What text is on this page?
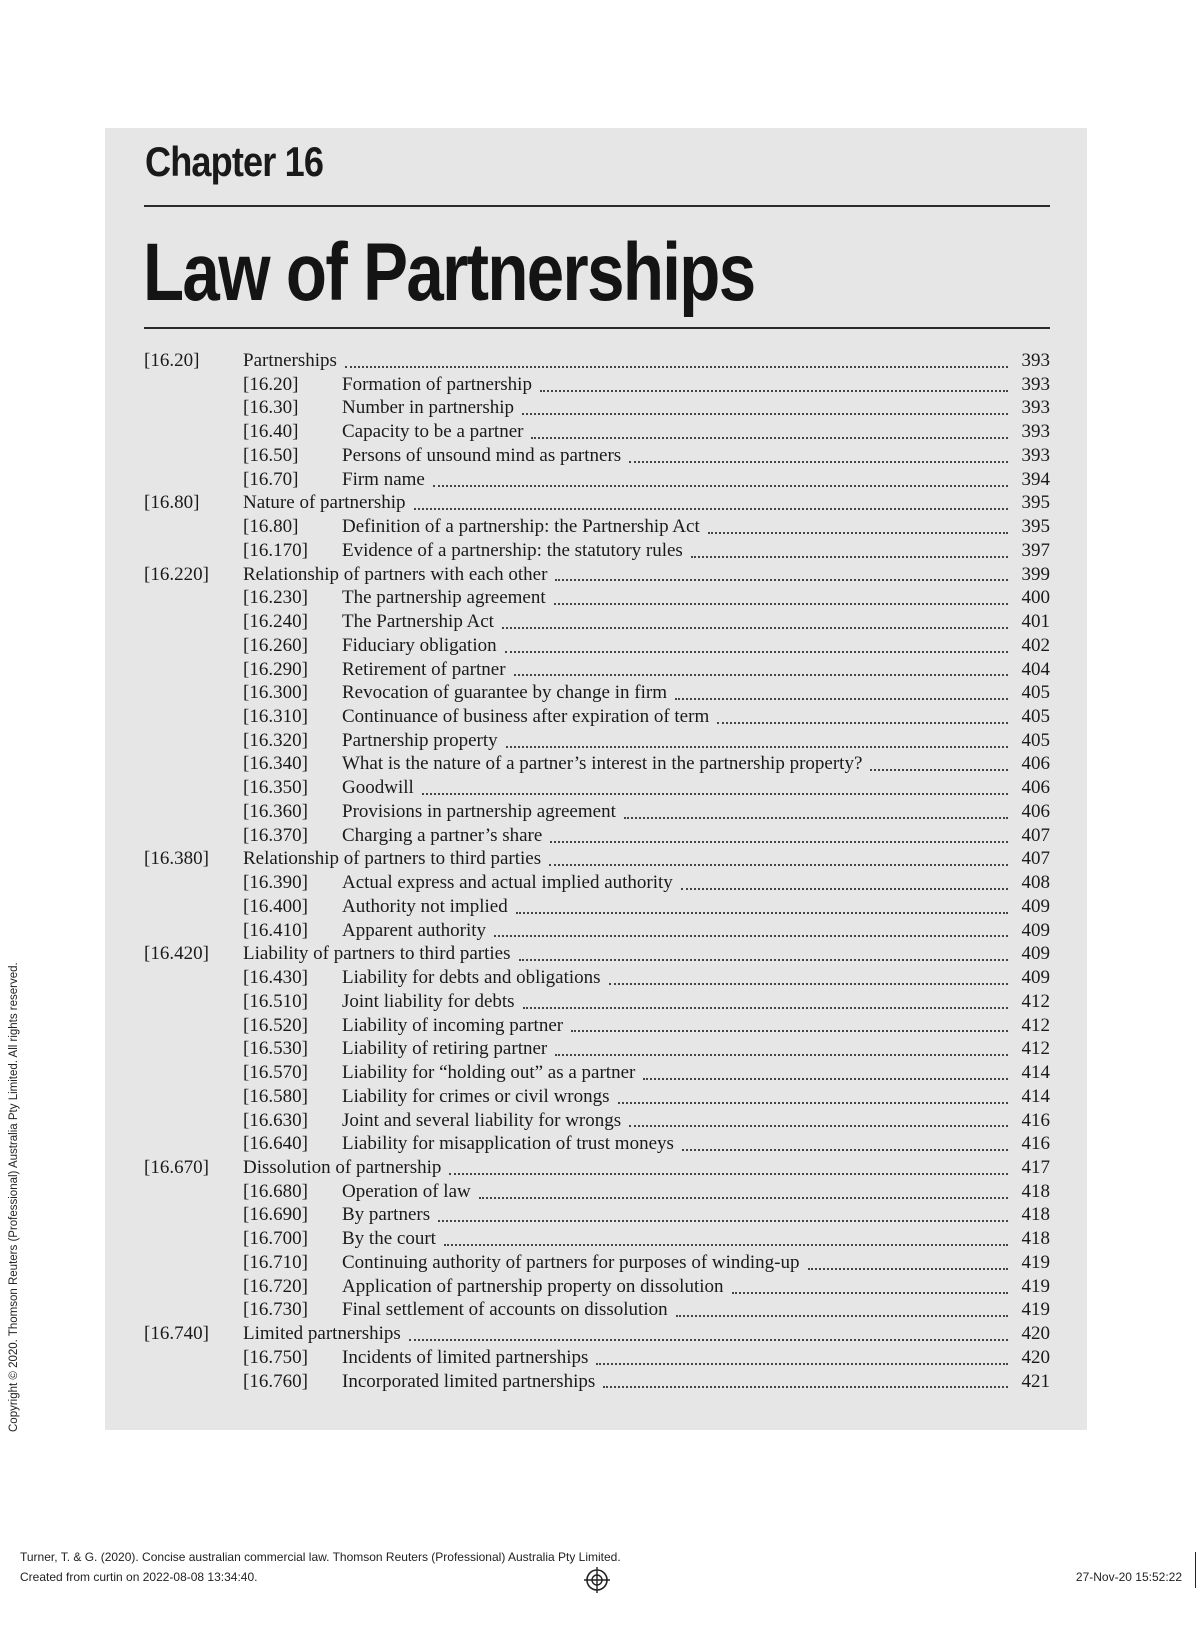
Chapter 16
Law of Partnerships
[16.20]	Partnerships	393
[16.20]	Formation of partnership	393
[16.30]	Number in partnership	393
[16.40]	Capacity to be a partner	393
[16.50]	Persons of unsound mind as partners	393
[16.70]	Firm name	394
[16.80]	Nature of partnership	395
[16.80]	Definition of a partnership: the Partnership Act	395
[16.170]	Evidence of a partnership: the statutory rules	397
[16.220]	Relationship of partners with each other	399
[16.230]	The partnership agreement	400
[16.240]	The Partnership Act	401
[16.260]	Fiduciary obligation	402
[16.290]	Retirement of partner	404
[16.300]	Revocation of guarantee by change in firm	405
[16.310]	Continuance of business after expiration of term	405
[16.320]	Partnership property	405
[16.340]	What is the nature of a partner’s interest in the partnership property?	406
[16.350]	Goodwill	406
[16.360]	Provisions in partnership agreement	406
[16.370]	Charging a partner’s share	407
[16.380]	Relationship of partners to third parties	407
[16.390]	Actual express and actual implied authority	408
[16.400]	Authority not implied	409
[16.410]	Apparent authority	409
[16.420]	Liability of partners to third parties	409
[16.430]	Liability for debts and obligations	409
[16.510]	Joint liability for debts	412
[16.520]	Liability of incoming partner	412
[16.530]	Liability of retiring partner	412
[16.570]	Liability for “holding out” as a partner	414
[16.580]	Liability for crimes or civil wrongs	414
[16.630]	Joint and several liability for wrongs	416
[16.640]	Liability for misapplication of trust moneys	416
[16.670]	Dissolution of partnership	417
[16.680]	Operation of law	418
[16.690]	By partners	418
[16.700]	By the court	418
[16.710]	Continuing authority of partners for purposes of winding-up	419
[16.720]	Application of partnership property on dissolution	419
[16.730]	Final settlement of accounts on dissolution	419
[16.740]	Limited partnerships	420
[16.750]	Incidents of limited partnerships	420
[16.760]	Incorporated limited partnerships	421
Copyright © 2020. Thomson Reuters (Professional) Australia Pty Limited. All rights reserved.
Turner, T. & G. (2020). Concise australian commercial law. Thomson Reuters (Professional) Australia Pty Limited.
Created from curtin on 2022-08-08 13:34:40.	27-Nov-20 15:52:22
